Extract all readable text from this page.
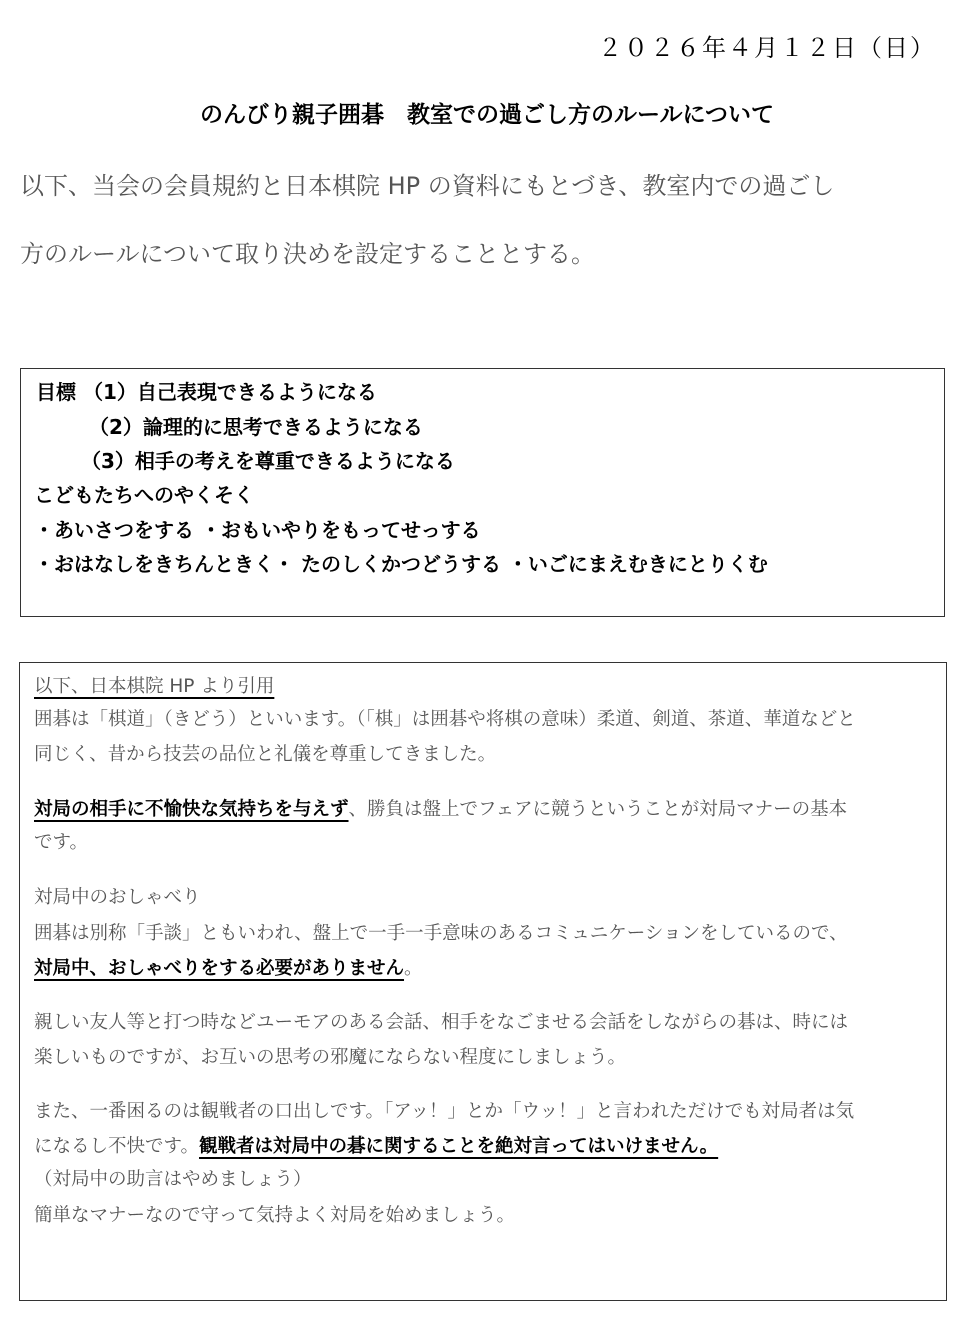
２０２６年４月１２日（日）
のんびり親子囲碁　教室での過ごし方のルールについて
以下、当会の会員規約と日本棋院 HP の資料にもとづき、教室内での過ごし
方のルールについて取り決めを設定することとする。
目標 （1）自己表現できるようになる
（2）論理的に思考できるようになる
（3）相手の考えを尊重できるようになる
こどもたちへのやくそく
・あいさつをする ・おもいやりをもってせっする
・おはなしをきちんときく・ たのしくかつどうする ・いごにまえむきにとりくむ
以下、日本棋院 HP より引用
囲碁は「棋道」（きどう）といいます。（「棋」は囲碁や将棋の意味）柔道、剣道、茶道、華道などと
同じく、昔から技芸の品位と礼儀を尊重してきました。
対局の相手に不愉快な気持ちを与えず、勝負は盤上でフェアに競うということが対局マナーの基本
です。
対局中のおしゃべり
囲碁は別称「手談」ともいわれ、盤上で一手一手意味のあるコミュニケーションをしているので、
対局中、おしゃべりをする必要がありません。
親しい友人等と打つ時などユーモアのある会話、相手をなごませる会話をしながらの碁は、時には
楽しいものですが、お互いの思考の邪魔にならない程度にしましょう。
また、一番困るのは観戦者の口出しです。「アッ！」とか「ウッ！」と言われただけでも対局者は気
になるし不快です。観戦者は対局中の碁に関することを絶対言ってはいけません。
（対局中の助言はやめましょう）
簡単なマナーなので守って気持よく対局を始めましょう。
